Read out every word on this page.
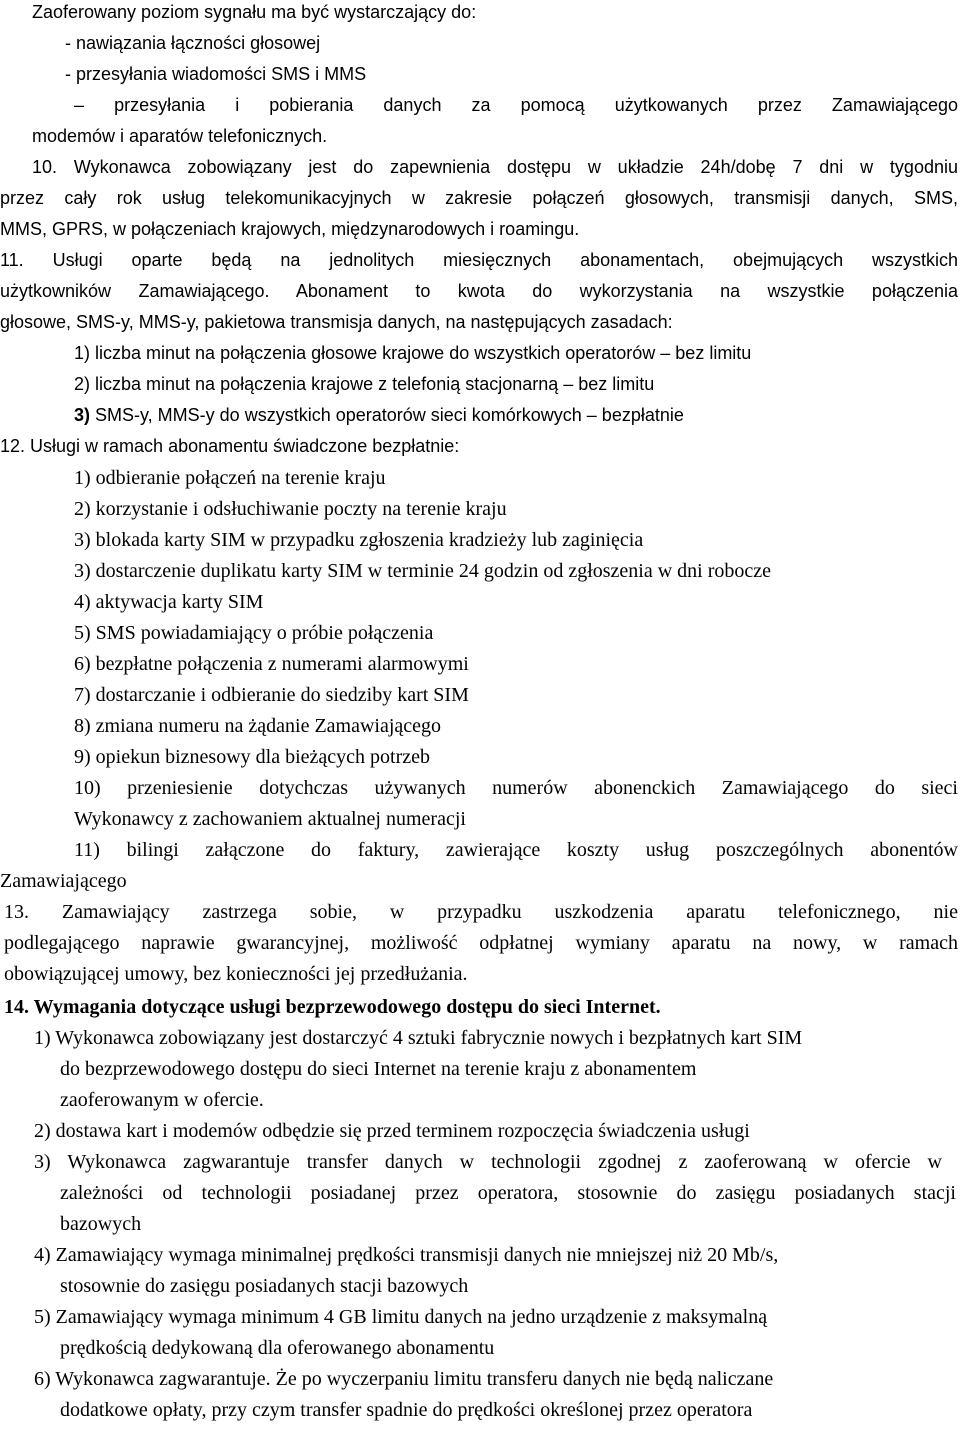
Zaoferowany poziom sygnału ma być wystarczający do:

- nawiązania łączności głosowej

- przesyłania wiadomości SMS i MMS

– przesyłania i pobierania danych za pomocą użytkowanych przez Zamawiającego

modemów i aparatów telefonicznych.

10. Wykonawca zobowiązany jest do zapewnienia dostępu w układzie 24h/dobę 7 dni w tygodniu

przez cały rok usług telekomunikacyjnych w zakresie połączeń głosowych, transmisji danych, SMS,

MMS, GPRS, w połączeniach krajowych, międzynarodowych i roamingu.

11. Usługi oparte będą na jednolitych miesięcznych abonamentach, obejmujących wszystkich

użytkowników Zamawiającego. Abonament to kwota do wykorzystania na wszystkie połączenia

głosowe, SMS-y, MMS-y, pakietowa transmisja danych, na następujących zasadach:

1) liczba minut na połączenia głosowe krajowe do wszystkich operatorów – bez limitu

2) liczba minut na połączenia krajowe z telefonią stacjonarną – bez limitu

3) SMS-y, MMS-y do wszystkich operatorów sieci komórkowych – bezpłatnie

12. Usługi w ramach abonamentu świadczone bezpłatnie:

1) odbieranie połączeń na terenie kraju

2) korzystanie i odsłuchiwanie poczty na terenie kraju

3) blokada karty SIM w przypadku zgłoszenia kradzieży lub zaginięcia

3) dostarczenie duplikatu karty SIM w terminie 24 godzin od zgłoszenia w dni robocze

4) aktywacja karty SIM

5) SMS powiadamiający o próbie połączenia

6) bezpłatne połączenia z numerami alarmowymi

7) dostarczanie i odbieranie do siedziby kart SIM

8) zmiana numeru na żądanie Zamawiającego

9) opiekun biznesowy dla bieżących potrzeb

10) przeniesienie dotychczas używanych numerów abonenckich Zamawiającego do sieci

Wykonawcy z zachowaniem aktualnej numeracji

11) bilingi załączone do faktury, zawierające koszty usług poszczególnych abonentów

Zamawiającego

13. Zamawiający zastrzega sobie, w przypadku uszkodzenia aparatu telefonicznego, nie

podlegającego naprawie gwarancyjnej, możliwość odpłatnej wymiany aparatu na nowy, w ramach

obowiązującej umowy, bez konieczności jej przedłużania.

14. Wymagania dotyczące usługi bezprzewodowego dostępu do sieci Internet.

1) Wykonawca zobowiązany jest dostarczyć 4 sztuki fabrycznie nowych i bezpłatnych kart SIM

do bezprzewodowego dostępu do sieci Internet na terenie kraju z abonamentem

zaoferowanym w ofercie.

2) dostawa kart i modemów odbędzie się przed terminem rozpoczęcia świadczenia usługi

3) Wykonawca zagwarantuje transfer danych w technologii zgodnej z zaoferowaną w ofercie w

zależności od technologii posiadanej przez operatora, stosownie do zasięgu posiadanych stacji

bazowych

4) Zamawiający wymaga minimalnej prędkości transmisji danych nie mniejszej niż 20 Mb/s,

stosownie do zasięgu posiadanych stacji bazowych

5) Zamawiający wymaga minimum 4 GB limitu danych na jedno urządzenie z maksymalną

prędkością dedykowaną dla oferowanego abonamentu

6) Wykonawca zagwarantuje. Że po wyczerpaniu limitu transferu danych nie będą naliczane

dodatkowe opłaty, przy czym transfer spadnie do prędkości określonej przez operatora
